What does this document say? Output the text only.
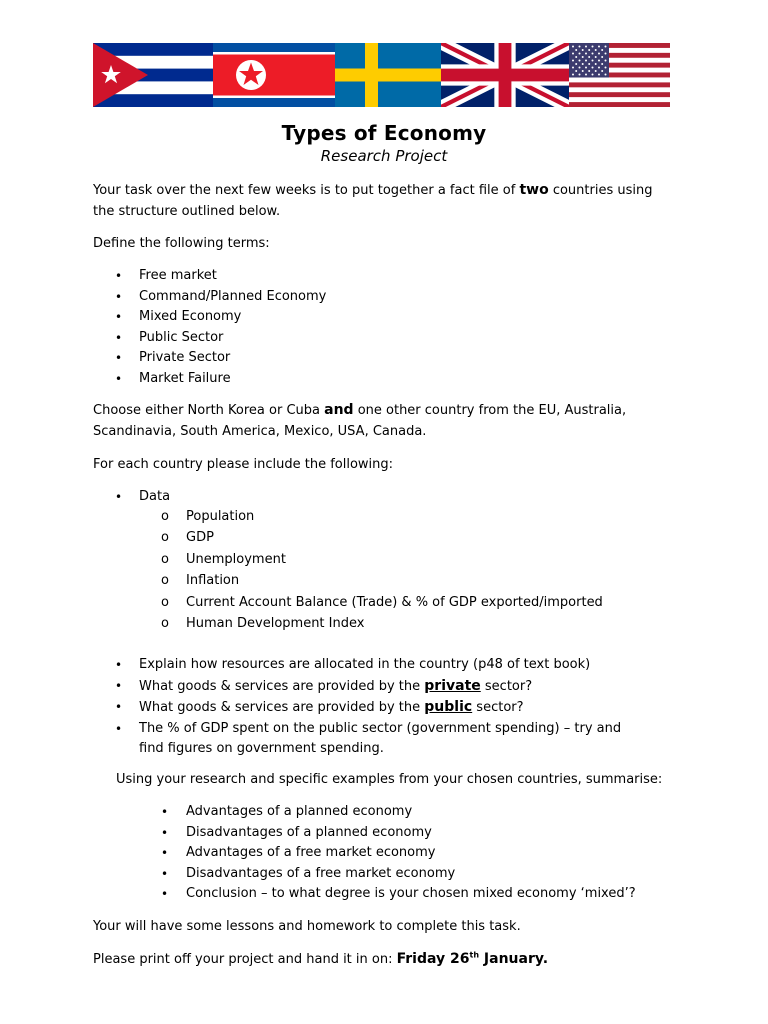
Types of Economy
Research Project

Your task over the next few weeks is to put together a fact file of two countries using the structure outlined below.

Define the following terms:

• Free market
• Command/Planned Economy
• Mixed Economy
• Public Sector
• Private Sector
• Market Failure

Choose either North Korea or Cuba and one other country from the EU, Australia, Scandinavia, South America, Mexico, USA, Canada.

For each country please include the following:

• Data
o Population
o GDP
o Unemployment
o Inflation
o Current Account Balance (Trade) & % of GDP exported/imported
o Human Development Index
• Explain how resources are allocated in the country (p48 of text book)
• What goods & services are provided by the private sector?
• What goods & services are provided by the public sector?
• The % of GDP spent on the public sector (government spending) – try and find figures on government spending.

Using your research and specific examples from your chosen countries, summarise:

• Advantages of a planned economy
• Disadvantages of a planned economy
• Advantages of a free market economy
• Disadvantages of a free market economy
• Conclusion – to what degree is your chosen mixed economy ‘mixed’?

Your will have some lessons and homework to complete this task.

Please print off your project and hand it in on: Friday 26th January.
